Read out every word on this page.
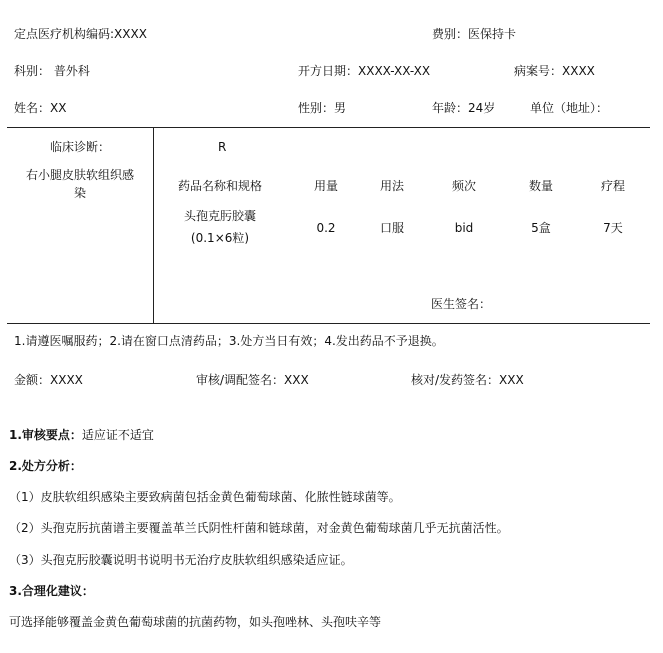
定点医疗机构编码:XXXX	费别：医保持卡
科别： 普外科	开方日期：XXXX-XX-XX	病案号：XXXX
姓名：XX	性别：男	年龄：24岁	单位（地址）：
临床诊断：
右小腿皮肤软组织感
染
R
药品名称和规格	用量	用法	频次	数量	疗程
头孢克肟胶囊
(0.1×6粒)
0.2	口服	bid	5盒	7天
医生签名：
1.请遵医嘱服药；2.请在窗口点清药品；3.处方当日有效；4.发出药品不予退换。
金额：XXXX	审核/调配签名：XXX	核对/发药签名：XXX
1.审核要点：适应证不适宜
2.处方分析：
（1）皮肤软组织感染主要致病菌包括金黄色葡萄球菌、化脓性链球菌等。
（2）头孢克肟抗菌谱主要覆盖革兰氏阴性杆菌和链球菌，对金黄色葡萄球菌几乎无抗菌活性。
（3）头孢克肟胶囊说明书说明书无治疗皮肤软组织感染适应证。
3.合理化建议：
可选择能够覆盖金黄色葡萄球菌的抗菌药物，如头孢唑林、头孢呋辛等
